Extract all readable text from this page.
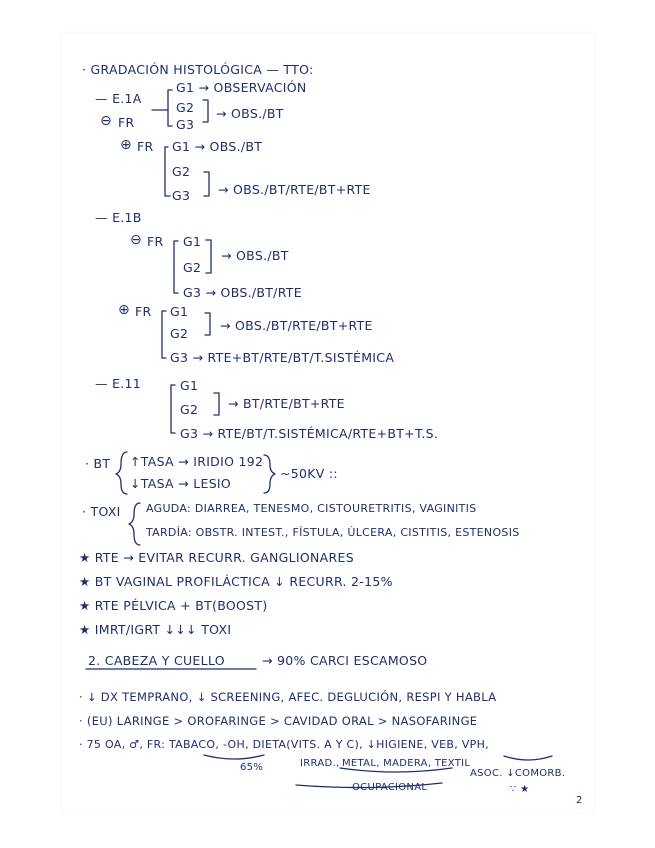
· GRADACIÓN HISTOLÓGICA — TTO:
— E.1A
⊖ FR
G1 → OBSERVACIÓN
G2
G3
→ OBS./BT
⊕ FR G1 → OBS./BT
G2
G3 → OBS./BT/RTE/BT+RTE
— E.1B
⊖ FR G1
G2
→ OBS./BT
G3 → OBS./BT/RTE
⊕ FR G1
G2
→ OBS./BT/RTE/BT+RTE
G3 → RTE+BT/RTE/BT/T.SISTÉMICA
— E.11	G1
G2 → BT/RTE/BT+RTE
G3 → RTE/BT/T.SISTÉMICA/RTE+BT+T.S.
· BT ↑TASA → IRIDIO 192
↓TASA → LESIO
~50KV ::
· TOXI AGUDA: DIARREA, TENESMO, CISTOURETRITIS, VAGINITIS
TARDÍA: OBSTR. INTEST., FÍSTULA, ÚLCERA, CISTITIS, ESTENOSIS
★ RTE → EVITAR RECURR. GANGLIONARES
★ BT VAGINAL PROFILÁCTICA ↓ RECURR. 2-15%
★ RTE PÉLVICA + BT(BOOST)
★ IMRT/IGRT ↓↓↓ TOXI
2. CABEZA Y CUELLO	→ 90% CARCI ESCAMOSO
· ↓ DX TEMPRANO, ↓ SCREENING, AFEC. DEGLUCIÓN, RESPI Y HABLA
· (EU) LARINGE > OROFARINGE > CAVIDAD ORAL > NASOFARINGE
· 75 OA, ♂, FR: TABACO, -OH, DIETA(VITS. A Y C), ↓HIGIENE, VEB, VPH,
65%	IRRAD., METAL, MADERA, TEXTIL
ASOC. ↓COMORB.
OCUPACIONAL	∵ ★
2
